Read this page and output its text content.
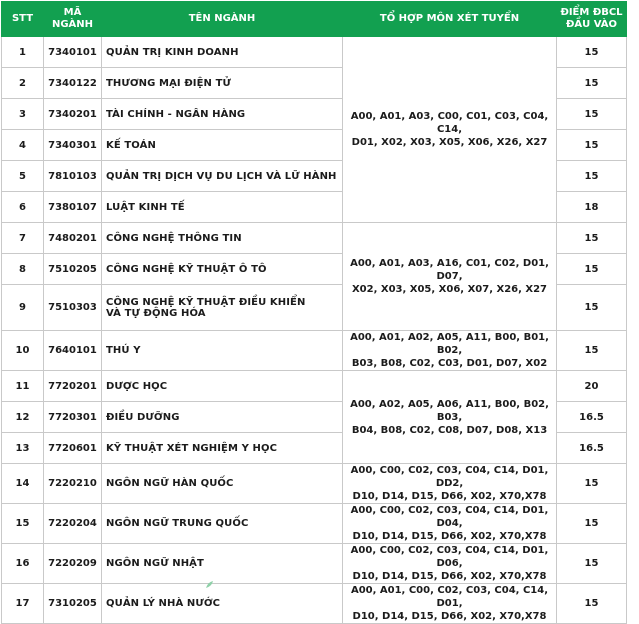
STT	MÃ NGÀNH	TÊN NGÀNH	TỔ HỢP MÔN XÉT TUYỂN	ĐIỂM ĐBCL
ĐẦU VÀO
1	7340101	QUẢN TRỊ KINH DOANH	A00, A01, A03, C00, C01, C03, C04, C14,
D01, X02, X03, X05, X06, X26, X27	15
2	7340122	THƯƠNG MẠI ĐIỆN TỬ		15
3	7340201	TÀI CHÍNH - NGÂN HÀNG		15
4	7340301	KẾ TOÁN		15
5	7810103	QUẢN TRỊ DỊCH VỤ DU LỊCH VÀ LỮ HÀNH		15
6	7380107	LUẬT KINH TẾ		18
7	7480201	CÔNG NGHỆ THÔNG TIN	A00, A01, A03, A16, C01, C02, D01, D07,
X02, X03, X05, X06, X07, X26, X27	15
8	7510205	CÔNG NGHỆ KỸ THUẬT Ô TÔ		15
9	7510303	CÔNG NGHỆ KỸ THUẬT ĐIỀU KHIỂN
VÀ TỰ ĐỘNG HÓA		15
10	7640101	THÚ Y	A00, A01, A02, A05, A11, B00, B01, B02,
B03, B08, C02, C03, D01, D07, X02	15
11	7720201	DƯỢC HỌC	A00, A02, A05, A06, A11, B00, B02, B03,
B04, B08, C02, C08, D07, D08, X13	20
12	7720301	ĐIỀU DƯỠNG		16.5
13	7720601	KỸ THUẬT XÉT NGHIỆM Y HỌC		16.5
14	7220210	NGÔN NGỮ HÀN QUỐC	A00, C00, C02, C03, C04, C14, D01, DD2,
D10, D14, D15, D66, X02, X70,X78	15
15	7220204	NGÔN NGỮ TRUNG QUỐC	A00, C00, C02, C03, C04, C14, D01, D04,
D10, D14, D15, D66, X02, X70,X78	15
16	7220209	NGÔN NGỮ NHẬT	A00, C00, C02, C03, C04, C14, D01, D06,
D10, D14, D15, D66, X02, X70,X78	15
17	7310205	QUẢN LÝ NHÀ NƯỚC	A00, A01, C00, C02, C03, C04, C14, D01,
D10, D14, D15, D66, X02, X70,X78	15
